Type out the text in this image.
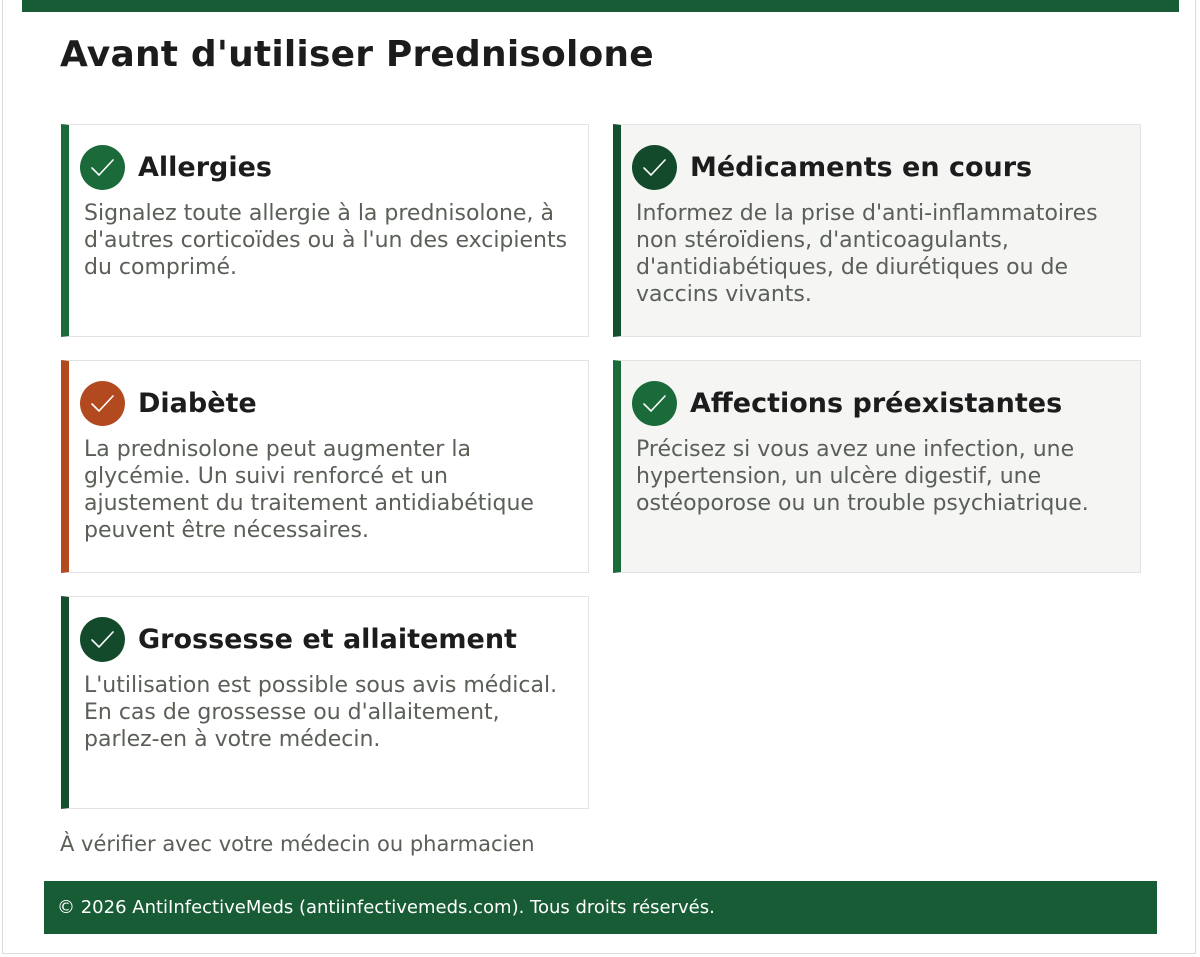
Avant d'utiliser Prednisolone
Allergies

Signalez toute allergie à la prednisolone, à d'autres corticoïdes ou à l'un des excipients du comprimé.

Médicaments en cours

Informez de la prise d'anti-inflammatoires non stéroïdiens, d'anticoagulants, d'antidiabétiques, de diurétiques ou de vaccins vivants.

Diabète

La prednisolone peut augmenter la glycémie. Un suivi renforcé et un ajustement du traitement antidiabétique peuvent être nécessaires.

Affections préexistantes

Précisez si vous avez une infection, une hypertension, un ulcère digestif, une ostéoporose ou un trouble psychiatrique.

Grossesse et allaitement

L'utilisation est possible sous avis médical. En cas de grossesse ou d'allaitement, parlez-en à votre médecin.

À vérifier avec votre médecin ou pharmacien
© 2026 AntiInfectiveMeds (antiinfectivemeds.com). Tous droits réservés.
